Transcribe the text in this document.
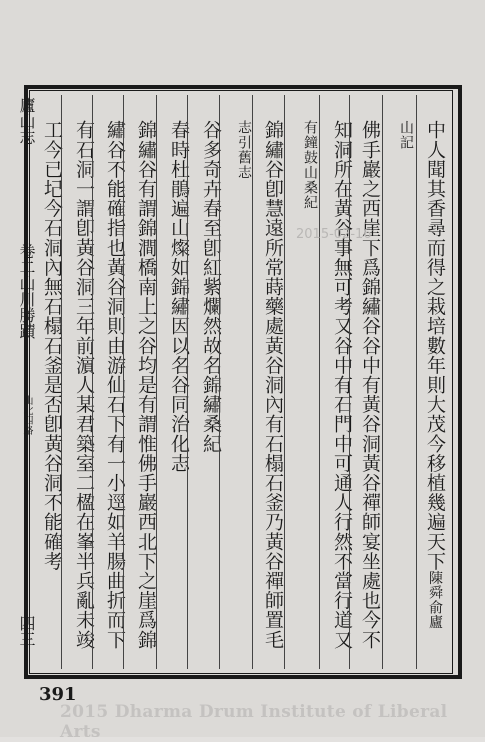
廬山志
卷二山川勝蹟
山北四路
四三
中人聞其香尋而得之栽培數年則大茂今移植幾遍天下陳舜俞廬
山記
佛手巖之西崖下爲錦繡谷谷中有黃谷洞黃谷禪師宴坐處也今不
知洞所在黃谷事無可考又谷中有石門中可通人行然不當行道又
有鐘鼓山桑紀
錦繡谷卽慧遠所常蒔藥處黃谷洞內有石榻石釜乃黃谷禪師置毛
志引舊志
谷多奇卉春至卽紅紫爛然故名錦繡桑紀
春時杜鵑遍山燦如錦繡因以名谷同治化志
錦繡谷有謂錦澗橋南上之谷均是有謂惟佛手巖西北下之崖爲錦
繡谷不能確指也黃谷洞則由游仙石下有一小逕如羊腸曲折而下
有石洞一謂卽黃谷洞三年前濵人某君築室二楹在峯半兵亂未竣
工今已圮今石洞內無石榻石釜是否卽黃谷洞不能確考	2015-02-16
391
2015 Dharma Drum Institute of Liberal Arts
